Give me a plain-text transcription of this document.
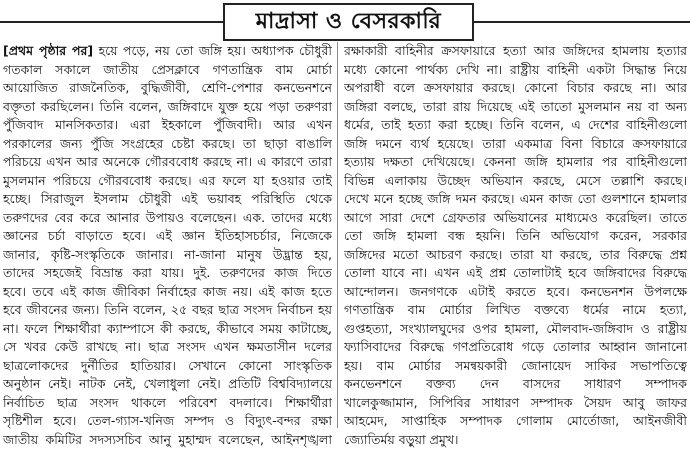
মাদ্রাসা ও বেসরকারি
[প্রথম পৃষ্ঠার পর] হয়ে পড়ে, নয় তো জঙ্গি হয়। অধ্যাপক চৌধুরী
গতকাল সকালে জাতীয় প্রেসক্লাবে গণতান্ত্রিক বাম মোর্চা
আয়োজিত রাজনৈতিক, বুদ্ধিজীবী, শ্রেণি-পেশার কনভেনশনে
বক্তৃতা করছিলেন। তিনি বলেন, জঙ্গিবাদে যুক্ত হয়ে পড়া তরুণরা
পুঁজিবাদ মানসিকতার। এরা ইহকালে পুঁজিবাদী। আর এখন
পরকালের জন্য পুঁজি সংগ্রহের চেষ্টা করছে। তা ছাড়া বাঙালি
পরিচয়ে এখন আর অনেকে গৌরববোধ করছে না। এ কারণে তারা
মুসলমান পরিচয়ে গৌরববোধ করছে। এর ফলে যা হওয়ার তাই
হচ্ছে। সিরাজুল ইসলাম চৌধুরী এই ভয়াবহ পরিস্থিতি থেকে
তরুণদের বের করে আনার উপায়ও বলেছেন। এক. তাদের মধ্যে
জ্ঞানের চর্চা বাড়াতে হবে। এই জ্ঞান ইতিহাসচর্চার, নিজেকে
জানার, কৃষ্টি-সংস্কৃতিকে জানার। না-জানা মানুষ উদ্ভ্রান্ত হয়,
তাদের সহজেই বিভ্রান্ত করা যায়। দুই. তরুণদের কাজ দিতে
হবে। তবে এই কাজ জীবিকা নির্বাহের কাজ নয়। এই কাজ হতে
হবে জীবনের জন্য। তিনি বলেন, ২৫ বছর ছাত্র সংসদ নির্বাচন হয়
না। ফলে শিক্ষার্থীরা ক্যাম্পাসে কী করছে, কীভাবে সময় কাটাচ্ছে,
সে খবর কেউ রাখছে না। ছাত্র সংসদ এখন ক্ষমতাসীন দলের
ছাত্রলোকদের দুর্নীতির হাতিয়ার। সেখানে কোনো সাংস্কৃতিক
অনুষ্ঠান নেই। নাটক নেই, খেলাধুলা নেই। প্রতিটি বিশ্ববিদ্যালয়ে
নির্বাচিত ছাত্র সংসদ থাকলে পরিবেশ বদলাবে। শিক্ষার্থীরা
সৃষ্টিশীল হবে। তেল-গ্যাস-খনিজ সম্পদ ও বিদ্যুৎ-বন্দর রক্ষা
জাতীয় কমিটির সদস্যসচিব আনু মুহাম্মদ বলেছেন, আইনশৃঙ্খলা
রক্ষাকারী বাহিনীর ক্রসফায়ারে হত্যা আর জঙ্গিদের হামলায় হত্যার
মধ্যে কোনো পার্থক্য দেখি না। রাষ্ট্রীয় বাহিনী একটা সিদ্ধান্ত নিয়ে
অপরাধী বলে ক্রসফায়ার করছে। কোনো বিচার করছে না। আর
জঙ্গিরা বলছে, তারা রায় দিয়েছে এই তাতো মুসলমান নয় বা অন্য
ধর্মের, তাই হত্যা করা হচ্ছে। তিনি বলেন, এ দেশের বাহিনীগুলো
জঙ্গি দমনে ব্যর্থ হয়েছে। তারা একমাত্র বিনা বিচারে ক্রসফায়ারে
হত্যায় দক্ষতা দেখিয়েছে। কেননা জঙ্গি হামলার পর বাহিনীগুলো
বিভিন্ন এলাকায় উচ্ছেদ অভিযান করছে, মেসে তল্লাশি করছে।
দেখে মনে হচ্ছে জঙ্গি দমন করছে। এমন কাজ তো গুলশানে হামলার
আগে সারা দেশে গ্রেফতার অভিযানের মাধ্যমেও করেছিল। তাতে
তো জঙ্গি হামলা বন্ধ হয়নি। তিনি অভিযোগ করেন, সরকার
জঙ্গিদের মতো আচরণ করছে। তারা যা করছে, তার বিরুদ্ধে প্রশ্ন
তোলা যাবে না। এখন এই প্রশ্ন তোলাটাই হবে জঙ্গিবাদের বিরুদ্ধে
আন্দোলন। জনগণকে এটাই করতে হবে। কনভেনশন উপলক্ষে
গণতান্ত্রিক বাম মোর্চার লিখিত বক্তব্যে ধর্মের নামে হত্যা,
গুপ্তহত্যা, সংখ্যালঘুদের ওপর হামলা, মৌলবাদ-জঙ্গিবাদ ও রাষ্ট্রীয়
ফ্যাসিবাদের বিরুদ্ধে গণপ্রতিরোধ গড়ে তোলার আহ্বান জানানো
হয়। বাম মোর্চার সমন্বয়কারী জোনায়েদ সাকির সভাপতিত্বে
কনভেনশনে বক্তব্য দেন বাসদের সাধারণ সম্পাদক
খালেকুজ্জামান, সিপিবির সাধারণ সম্পাদক সৈয়দ আবু জাফর
আহমেদ, সাপ্তাহিক সম্পাদক গোলাম মোর্তোজা, আইনজীবী
জ্যোতির্ময় বড়ুয়া প্রমুখ।
